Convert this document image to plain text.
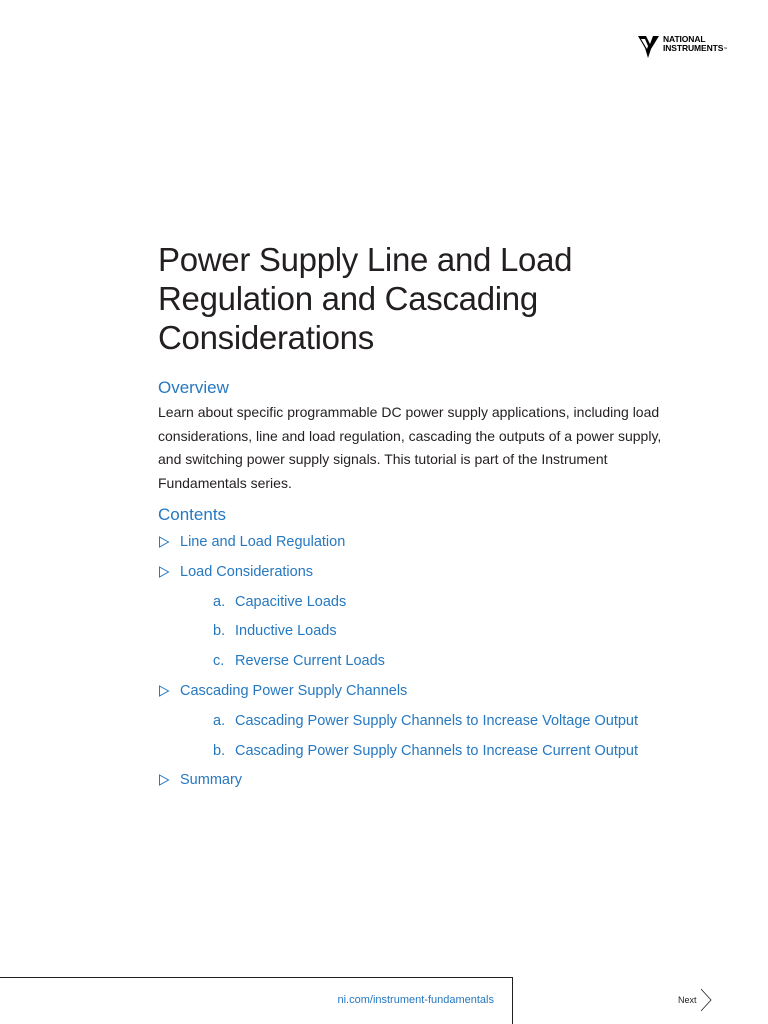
NATIONAL
INSTRUMENTS™
Power Supply Line and Load Regulation and Cascading Considerations
Overview

Learn about specific programmable DC power supply applications, including load considerations, line and load regulation, cascading the outputs of a power supply, and switching power supply signals. This tutorial is part of the Instrument Fundamentals series.

Contents
Line and Load Regulation
Load Considerations
a. Capacitive Loads
b. Inductive Loads
c. Reverse Current Loads
Cascading Power Supply Channels
a. Cascading Power Supply Channels to Increase Voltage Output
b. Cascading Power Supply Channels to Increase Current Output
Summary
ni.com/instrument-fundamentals	Next
